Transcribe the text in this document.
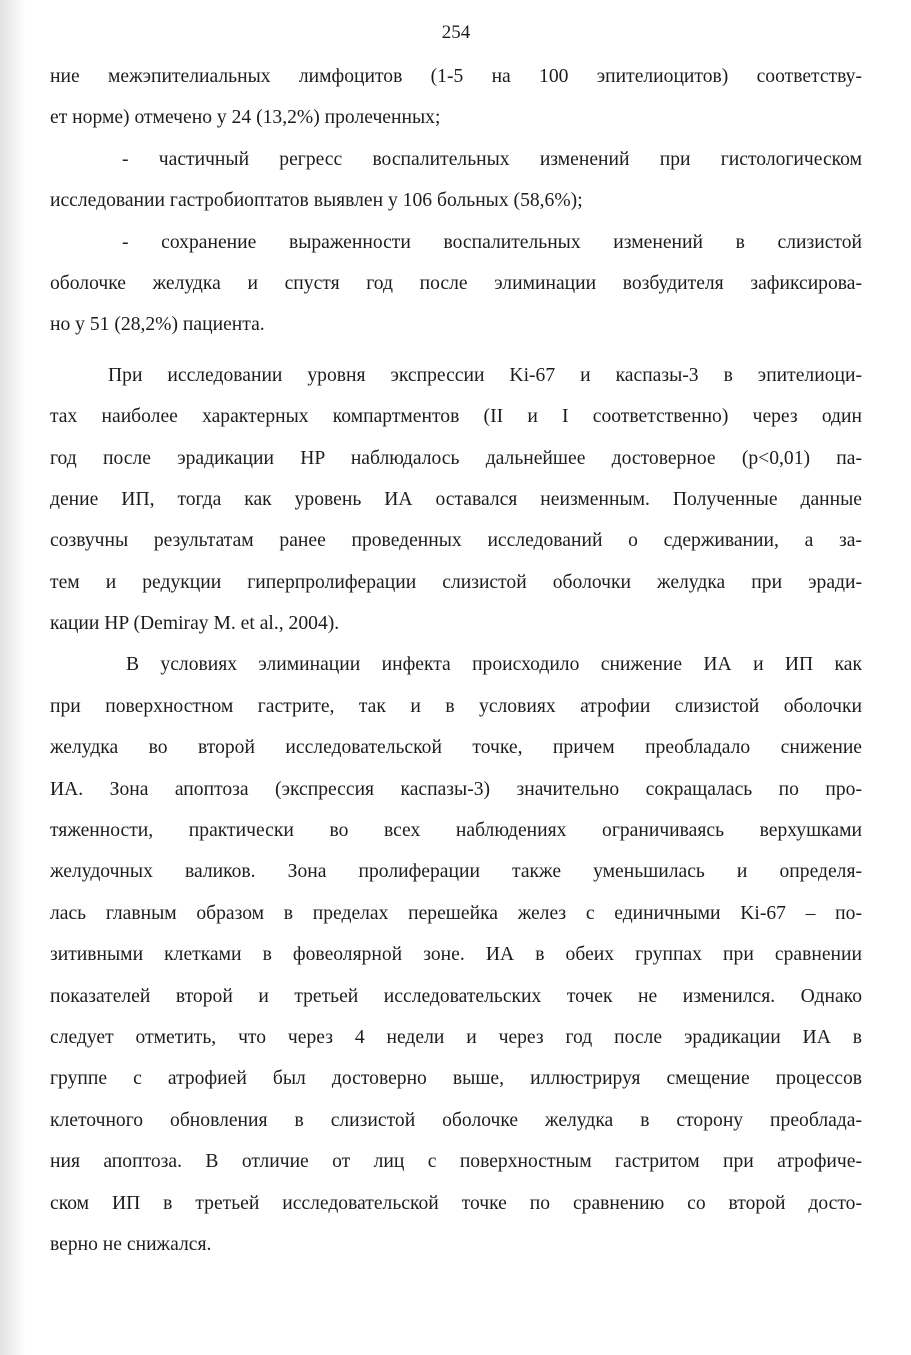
254
ние межэпителиальных лимфоцитов (1-5 на 100 эпителиоцитов) соответству-
ет норме) отмечено у 24 (13,2%) пролеченных;
- частичный регресс воспалительных изменений при гистологическом
исследовании гастробиоптатов выявлен у 106 больных (58,6%);
- сохранение выраженности воспалительных изменений в слизистой
оболочке желудка и спустя год после элиминации возбудителя зафиксирова-
но у 51 (28,2%) пациента.
При исследовании уровня экспрессии Ki-67 и каспазы-3 в эпителиоци-
тах наиболее характерных компартментов (II и I соответственно) через один
год после эрадикации HP наблюдалось дальнейшее достоверное (р<0,01) па-
дение ИП, тогда как уровень ИА оставался неизменным. Полученные данные
созвучны результатам ранее проведенных исследований о сдерживании, а за-
тем и редукции гиперпролиферации слизистой оболочки желудка при эради-
кации HP (Demiray M. et al., 2004).
В условиях элиминации инфекта происходило снижение ИА и ИП как
при поверхностном гастрите, так и в условиях атрофии слизистой оболочки
желудка во второй исследовательской точке, причем преобладало снижение
ИА. Зона апоптоза (экспрессия каспазы-3) значительно сокращалась по про-
тяженности, практически во всех наблюдениях ограничиваясь верхушками
желудочных валиков. Зона пролиферации также уменьшилась и определя-
лась главным образом в пределах перешейка желез с единичными Ki-67 – по-
зитивными клетками в фовеолярной зоне. ИА в обеих группах при сравнении
показателей второй и третьей исследовательских точек не изменился. Однако
следует отметить, что через 4 недели и через год после эрадикации ИА в
группе с атрофией был достоверно выше, иллюстрируя смещение процессов
клеточного обновления в слизистой оболочке желудка в сторону преоблада-
ния апоптоза. В отличие от лиц с поверхностным гастритом при атрофиче-
ском ИП в третьей исследовательской точке по сравнению со второй досто-
верно не снижался.
